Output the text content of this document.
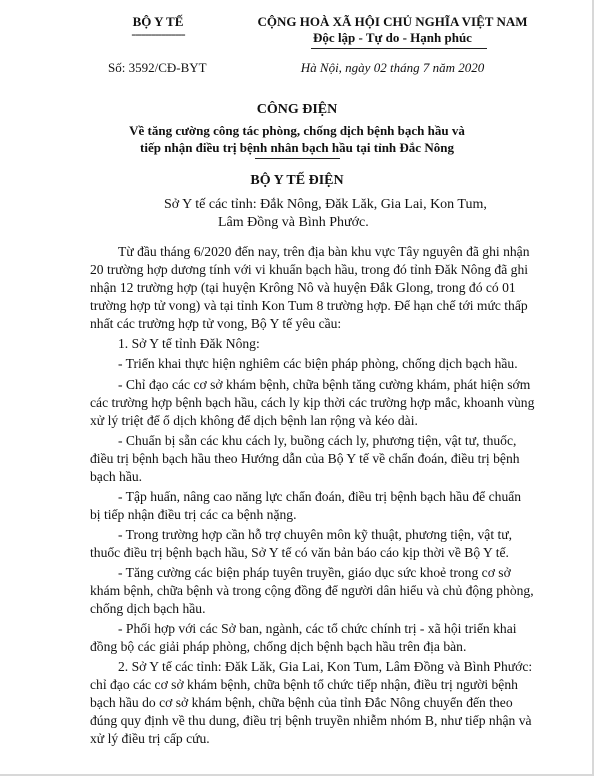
BỘ Y TẾ
----------------
Số: 3592/CĐ-BYT
CỘNG HOÀ XÃ HỘI CHỦ NGHĨA VIỆT NAM
Độc lập - Tự do - Hạnh phúc
Hà Nội, ngày 02 tháng 7 năm 2020
CÔNG ĐIỆN
Về tăng cường công tác phòng, chống dịch bệnh bạch hầu và
tiếp nhận điều trị bệnh nhân bạch hầu tại tỉnh Đắc Nông
BỘ Y TẾ ĐIỆN
Sở Y tế các tỉnh: Đắk Nông, Đăk Lăk, Gia Lai, Kon Tum,
Lâm Đồng và Bình Phước.
Từ đầu tháng 6/2020 đến nay, trên địa bàn khu vực Tây nguyên đã ghi nhận
20 trường hợp dương tính với vi khuẩn bạch hầu, trong đó tỉnh Đăk Nông đã ghi
nhận 12 trường hợp (tại huyện Krông Nô và huyện Đắk Glong, trong đó có 01
trường hợp tử vong) và tại tỉnh Kon Tum 8 trường hợp. Để hạn chế tới mức thấp
nhất các trường hợp tử vong, Bộ Y tế yêu cầu:
1. Sở Y tế tỉnh Đăk Nông:
- Triển khai thực hiện nghiêm các biện pháp phòng, chống dịch bạch hầu.
- Chỉ đạo các cơ sở khám bệnh, chữa bệnh tăng cường khám, phát hiện sớm
các trường hợp bệnh bạch hầu, cách ly kịp thời các trường hợp mắc, khoanh vùng
xử lý triệt để ổ dịch không để dịch bệnh lan rộng và kéo dài.
- Chuẩn bị sẵn các khu cách ly, buồng cách ly, phương tiện, vật tư, thuốc,
điều trị bệnh bạch hầu theo Hướng dẫn của Bộ Y tế về chẩn đoán, điều trị bệnh
bạch hầu.
- Tập huấn, nâng cao năng lực chẩn đoán, điều trị bệnh bạch hầu để chuẩn
bị tiếp nhận điều trị các ca bệnh nặng.
- Trong trường hợp cần hỗ trợ chuyên môn kỹ thuật, phương tiện, vật tư,
thuốc điều trị bệnh bạch hầu, Sở Y tế có văn bản báo cáo kịp thời về Bộ Y tế.
- Tăng cường các biện pháp tuyên truyền, giáo dục sức khoẻ trong cơ sở
khám bệnh, chữa bệnh và trong cộng đồng để người dân hiểu và chủ động phòng,
chống dịch bạch hầu.
- Phối hợp với các Sở ban, ngành, các tổ chức chính trị - xã hội triển khai
đồng bộ các giải pháp phòng, chống dịch bệnh bạch hầu trên địa bàn.
2. Sở Y tế các tỉnh: Đăk Lăk, Gia Lai, Kon Tum, Lâm Đồng và Bình Phước:
chỉ đạo các cơ sở khám bệnh, chữa bệnh tổ chức tiếp nhận, điều trị người bệnh
bạch hầu do cơ sở khám bệnh, chữa bệnh của tỉnh Đắc Nông chuyển đến theo
đúng quy định về thu dung, điều trị bệnh truyền nhiễm nhóm B, như tiếp nhận và
xử lý điều trị cấp cứu.
